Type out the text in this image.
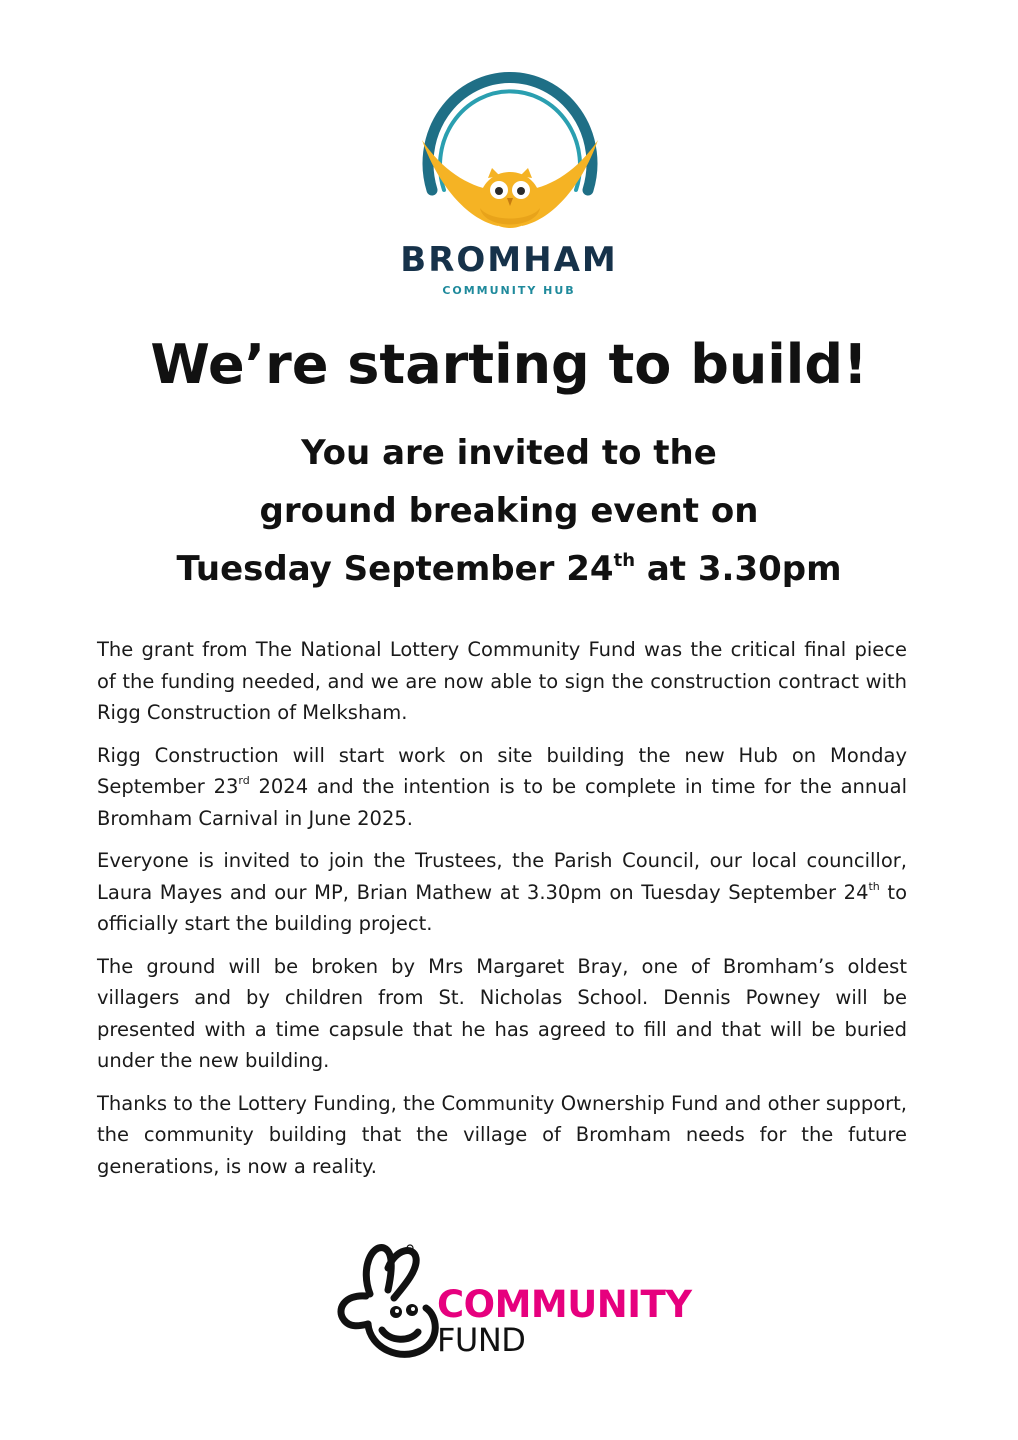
BROMHAM
COMMUNITY HUB
We’re starting to build!
You are invited to the
ground breaking event on
Tuesday September 24th at 3.30pm

The grant from The National Lottery Community Fund was the critical final piece of the funding needed, and we are now able to sign the construction contract with Rigg Construction of Melksham.

Rigg Construction will start work on site building the new Hub on Monday September 23rd 2024 and the intention is to be complete in time for the annual Bromham Carnival in June 2025.

Everyone is invited to join the Trustees, the Parish Council, our local councillor, Laura Mayes and our MP, Brian Mathew at 3.30pm on Tuesday September 24th to officially start the building project.

The ground will be broken by Mrs Margaret Bray, one of Bromham’s oldest villagers and by children from St. Nicholas School. Dennis Powney will be presented with a time capsule that he has agreed to fill and that will be buried under the new building.

Thanks to the Lottery Funding, the Community Ownership Fund and other support, the community building that the village of Bromham needs for the future generations, is now a reality.

COMMUNITY
FUND
